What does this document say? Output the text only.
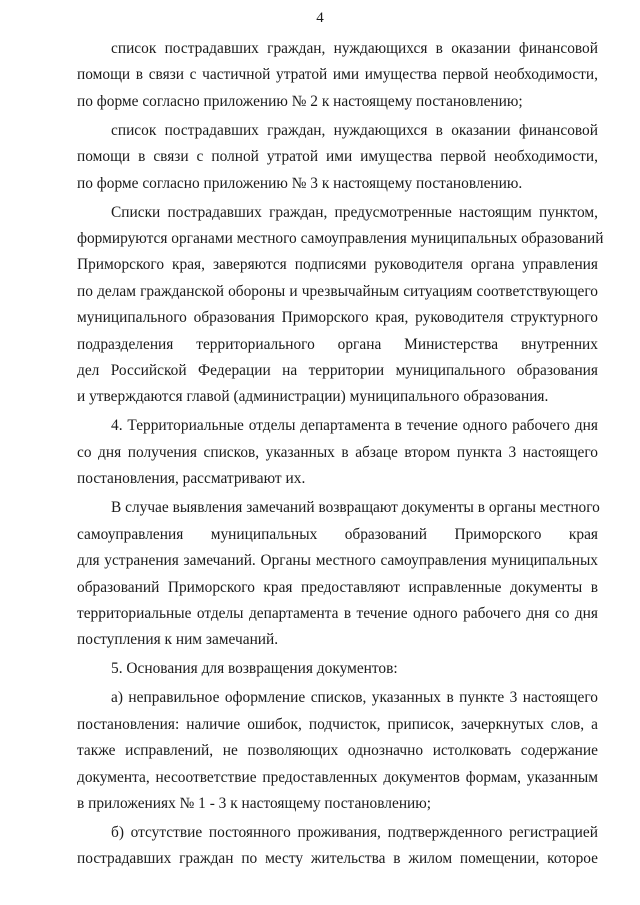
4
список пострадавших граждан, нуждающихся в оказании финансовой
помощи в связи с частичной утратой ими имущества первой необходимости,
по форме согласно приложению № 2 к настоящему постановлению;
список пострадавших граждан, нуждающихся в оказании финансовой
помощи в связи с полной утратой ими имущества первой необходимости,
по форме согласно приложению № 3 к настоящему постановлению.
Списки пострадавших граждан, предусмотренные настоящим пунктом,
формируются органами местного самоуправления муниципальных образований
Приморского края, заверяются подписями руководителя органа управления
по делам гражданской обороны и чрезвычайным ситуациям соответствующего
муниципального образования Приморского края, руководителя структурного
подразделения территориального органа Министерства внутренних
дел Российской Федерации на территории муниципального образования
и утверждаются главой (администрации) муниципального образования.
4. Территориальные отделы департамента в течение одного рабочего дня
со дня получения списков, указанных в абзаце втором пункта 3 настоящего
постановления, рассматривают их.
В случае выявления замечаний возвращают документы в органы местного
самоуправления муниципальных образований Приморского края
для устранения замечаний. Органы местного самоуправления муниципальных
образований Приморского края предоставляют исправленные документы в
территориальные отделы департамента в течение одного рабочего дня со дня
поступления к ним замечаний.
5. Основания для возвращения документов:
а) неправильное оформление списков, указанных в пункте 3 настоящего
постановления: наличие ошибок, подчисток, приписок, зачеркнутых слов, а
также исправлений, не позволяющих однозначно истолковать содержание
документа, несоответствие предоставленных документов формам, указанным
в приложениях № 1 - 3 к настоящему постановлению;
б) отсутствие постоянного проживания, подтвержденного регистрацией
пострадавших граждан по месту жительства в жилом помещении, которое
